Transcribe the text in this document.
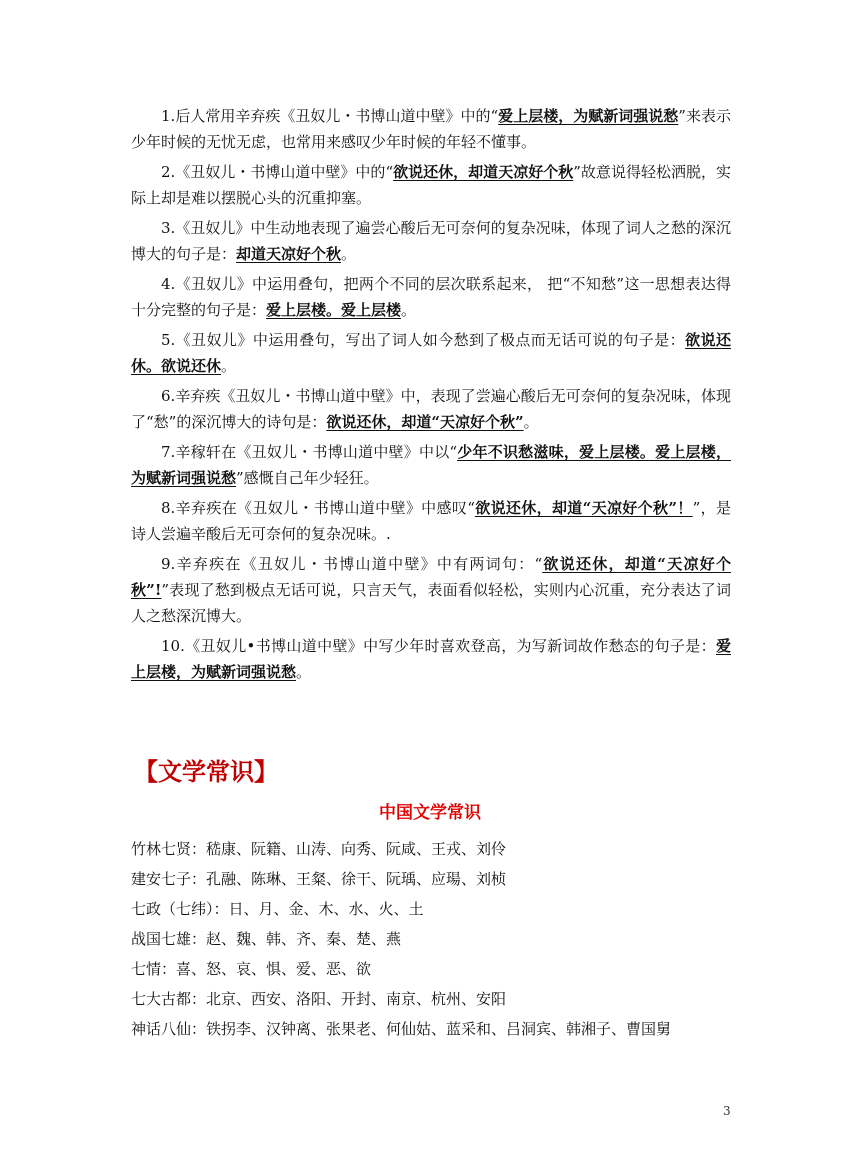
1.后人常用辛弃疾《丑奴儿・书博山道中壁》中的“爱上层楼，为赋新词强说愁”来表示少年时候的无忧无虑，也常用来感叹少年时候的年轻不懂事。

2.《丑奴儿・书博山道中壁》中的“欲说还休，却道天凉好个秋”故意说得轻松洒脱，实际上却是难以摆脱心头的沉重抑塞。

3.《丑奴儿》中生动地表现了遍尝心酸后无可奈何的复杂况味，体现了词人之愁的深沉博大的句子是：却道天凉好个秋。

4.《丑奴儿》中运用叠句，把两个不同的层次联系起来， 把“不知愁”这一思想表达得十分完整的句子是：爱上层楼。爱上层楼。

5.《丑奴儿》中运用叠句，写出了词人如今愁到了极点而无话可说的句子是：欲说还休。欲说还休。

6.辛弃疾《丑奴儿・书博山道中壁》中，表现了尝遍心酸后无可奈何的复杂况味，体现了“愁”的深沉博大的诗句是：欲说还休，却道“天凉好个秋”。

7.辛稼轩在《丑奴儿・书博山道中壁》中以“少年不识愁滋味，爱上层楼。爱上层楼，为赋新词强说愁”感慨自己年少轻狂。

8.辛弃疾在《丑奴儿・书博山道中壁》中感叹“欲说还休，却道“天凉好个秋”！”，是诗人尝遍辛酸后无可奈何的复杂况味。.

9.辛弃疾在《丑奴儿・书博山道中壁》中有两词句：“欲说还休，却道“天凉好个秋”!”表现了愁到极点无话可说，只言天气，表面看似轻松，实则内心沉重，充分表达了词人之愁深沉博大。

10.《丑奴儿•书博山道中壁》中写少年时喜欢登高，为写新词故作愁态的句子是：爱上层楼，为赋新词强说愁。

【文学常识】
中国文学常识

竹林七贤：嵇康、阮籍、山涛、向秀、阮咸、王戎、刘伶

建安七子：孔融、陈琳、王粲、徐干、阮瑀、应瑒、刘桢

七政（七纬）：日、月、金、木、水、火、土

战国七雄：赵、魏、韩、齐、秦、楚、燕

七情：喜、怒、哀、惧、爱、恶、欲

七大古都：北京、西安、洛阳、开封、南京、杭州、安阳

神话八仙：铁拐李、汉钟离、张果老、何仙姑、蓝采和、吕洞宾、韩湘子、曹国舅

3
